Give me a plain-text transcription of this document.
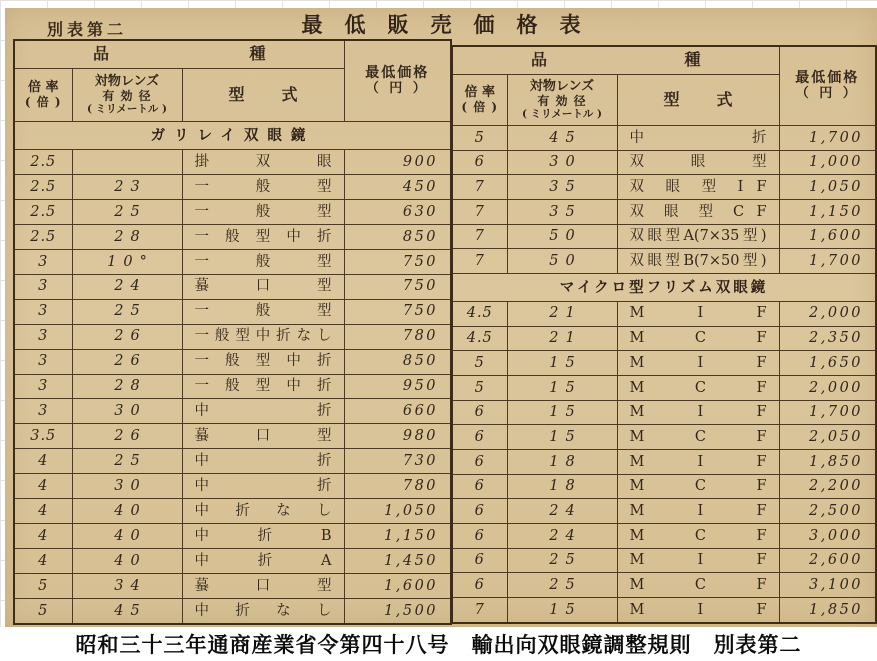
別表第二	最低販売価格表
品 種			最低価格
（ 円 ）

倍 率
( 倍 )

対物レンズ
有 効 径
( ミリメートル )
	型 式
ガリレイ双眼鏡			
2.5		掛 双 眼	900
2.5	23	一 般 型	450
2.5	25	一 般 型	630
2.5	28	一 般 型 中 折	850
3	10°	一 般 型	750
3	24	蟇 口 型	750
3	25	一 般 型	750
3	26	一般型中折なし	780
3	26	一 般 型 中 折	850
3	28	一 般 型 中 折	950
3	30	中 折	660
3.5	26	蟇 口 型	980
4	25	中 折	730
4	30	中 折	780
4	40	中 折 な し	1,050
4	40	中 折 B	1,150
4	40	中 折 A	1,450
5	34	蟇 口 型	1,600
5	45	中 折 な し	1,500
品 種			最低価格
（ 円 ）

倍 率
( 倍 )

対物レンズ
有 効 径
( ミリメートル )
	型 式
5	45	中 折	1,700
6	30	双 眼 型	1,000
7	35	双 眼 型 I F	1,050
7	35	双 眼 型 C F	1,150
7	50	双眼型A(7×35型)	1,600
7	50	双眼型B(7×50型)	1,700
マイクロ型フリズム双眼鏡			
4.5	21	M I F	2,000
4.5	21	M C F	2,350
5	15	M I F	1,650
5	15	M C F	2,000
6	15	M I F	1,700
6	15	M C F	2,050
6	18	M I F	1,850
6	18	M C F	2,200
6	24	M I F	2,500
6	24	M C F	3,000
6	25	M I F	2,600
6	25	M C F	3,100
7	15	M I F	1,850
昭和三十三年通商産業省令第四十八号　輸出向双眼鏡調整規則　別表第二
